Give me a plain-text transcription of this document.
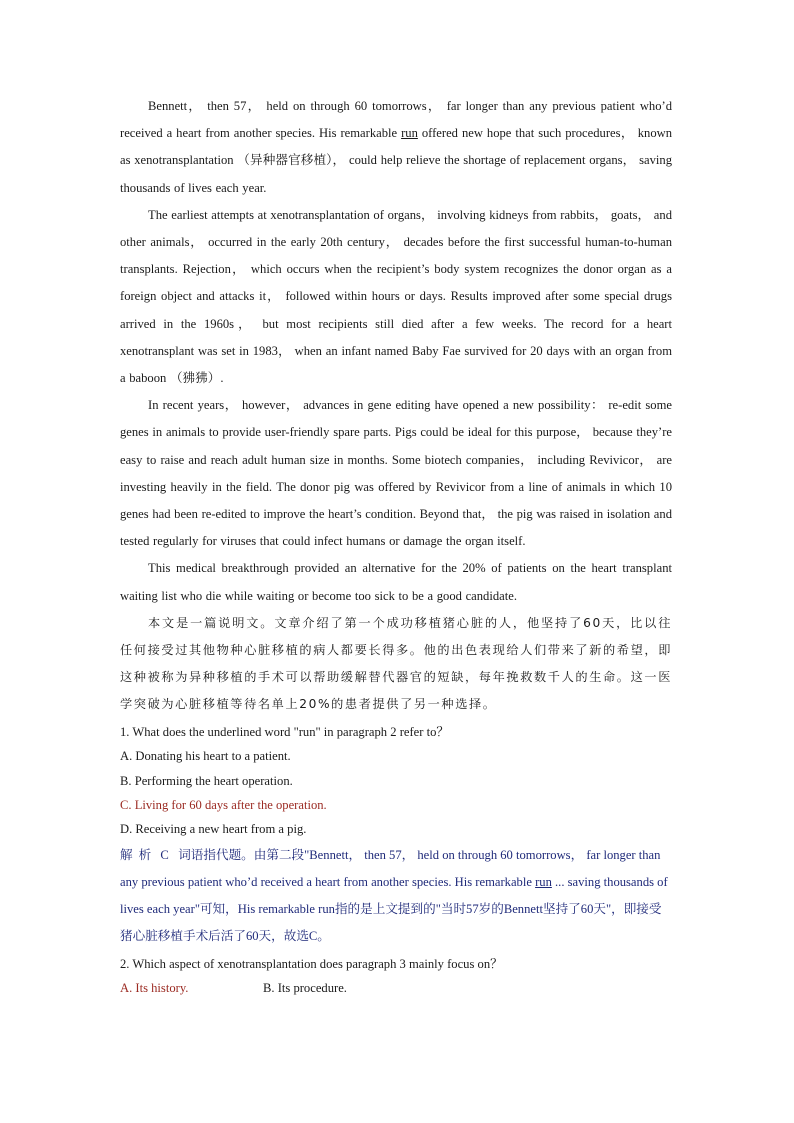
Bennett， then 57， held on through 60 tomorrows， far longer than any previous patient who’d received a heart from another species. His remarkable run offered new hope that such procedures， known as xenotransplantation （异种器官移植）， could help relieve the shortage of replacement organs， saving thousands of lives each year.

The earliest attempts at xenotransplantation of organs， involving kidneys from rabbits， goats， and other animals， occurred in the early 20th century， decades before the first successful human-to-human transplants. Rejection， which occurs when the recipient’s body system recognizes the donor organ as a foreign object and attacks it， followed within hours or days. Results improved after some special drugs arrived in the 1960s， but most recipients still died after a few weeks. The record for a heart xenotransplant was set in 1983， when an infant named Baby Fae survived for 20 days with an organ from a baboon （狒狒）.

In recent years， however， advances in gene editing have opened a new possibility： re-edit some genes in animals to provide user-friendly spare parts. Pigs could be ideal for this purpose， because they’re easy to raise and reach adult human size in months. Some biotech companies， including Revivicor， are investing heavily in the field. The donor pig was offered by Revivicor from a line of animals in which 10 genes had been re-edited to improve the heart’s condition. Beyond that， the pig was raised in isolation and tested regularly for viruses that could infect humans or damage the organ itself.

This medical breakthrough provided an alternative for the 20% of patients on the heart transplant waiting list who die while waiting or become too sick to be a good candidate.

本文是一篇说明文。文章介绍了第一个成功移植猪心脏的人，他坚持了60天，比以往任何接受过其他物种心脏移植的病人都要长得多。他的出色表现给人们带来了新的希望，即这种被称为异种移植的手术可以帮助缓解替代器官的短缺，每年挽救数千人的生命。这一医学突破为心脏移植等待名单上20%的患者提供了另一种选择。

1. What does the underlined word "run" in paragraph 2 refer to？

A. Donating his heart to a patient.

B. Performing the heart operation.

C. Living for 60 days after the operation.

D. Receiving a new heart from a pig.

解析 C 词语指代题。由第二段"Bennett， then 57， held on through 60 tomorrows， far longer than any previous patient who’d received a heart from another species. His remarkable run ... saving thousands of lives each year"可知，His remarkable run指的是上文提到的"当时57岁的Bennett坚持了60天"，即接受猪心脏移植手术后活了60天，故选C。

2. Which aspect of xenotransplantation does paragraph 3 mainly focus on？

A. Its history.	B. Its procedure.
